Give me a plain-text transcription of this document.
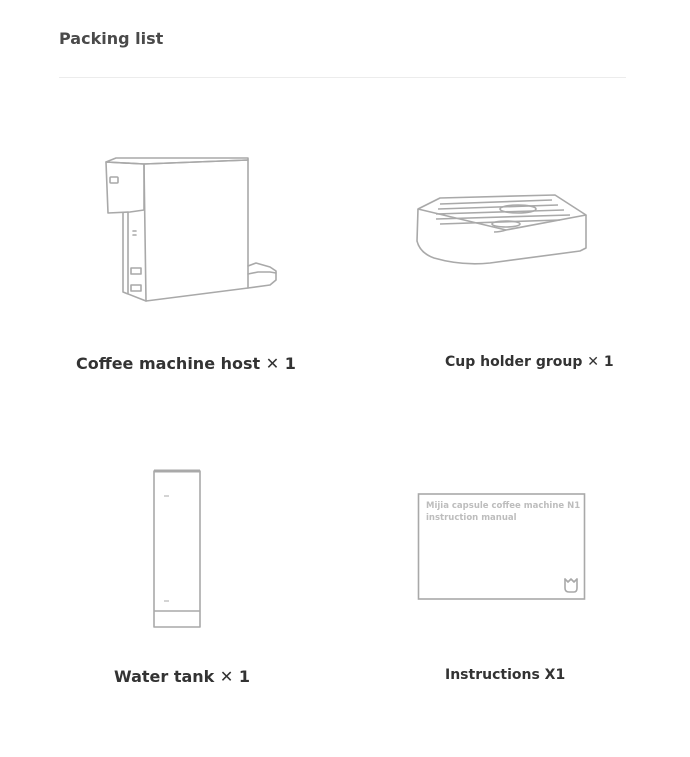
Packing list
Coffee machine host ✕ 1	Cup holder group ✕ 1
Water tank ✕ 1
Mijia capsule coffee machine N1
instruction manual
Instructions X1
